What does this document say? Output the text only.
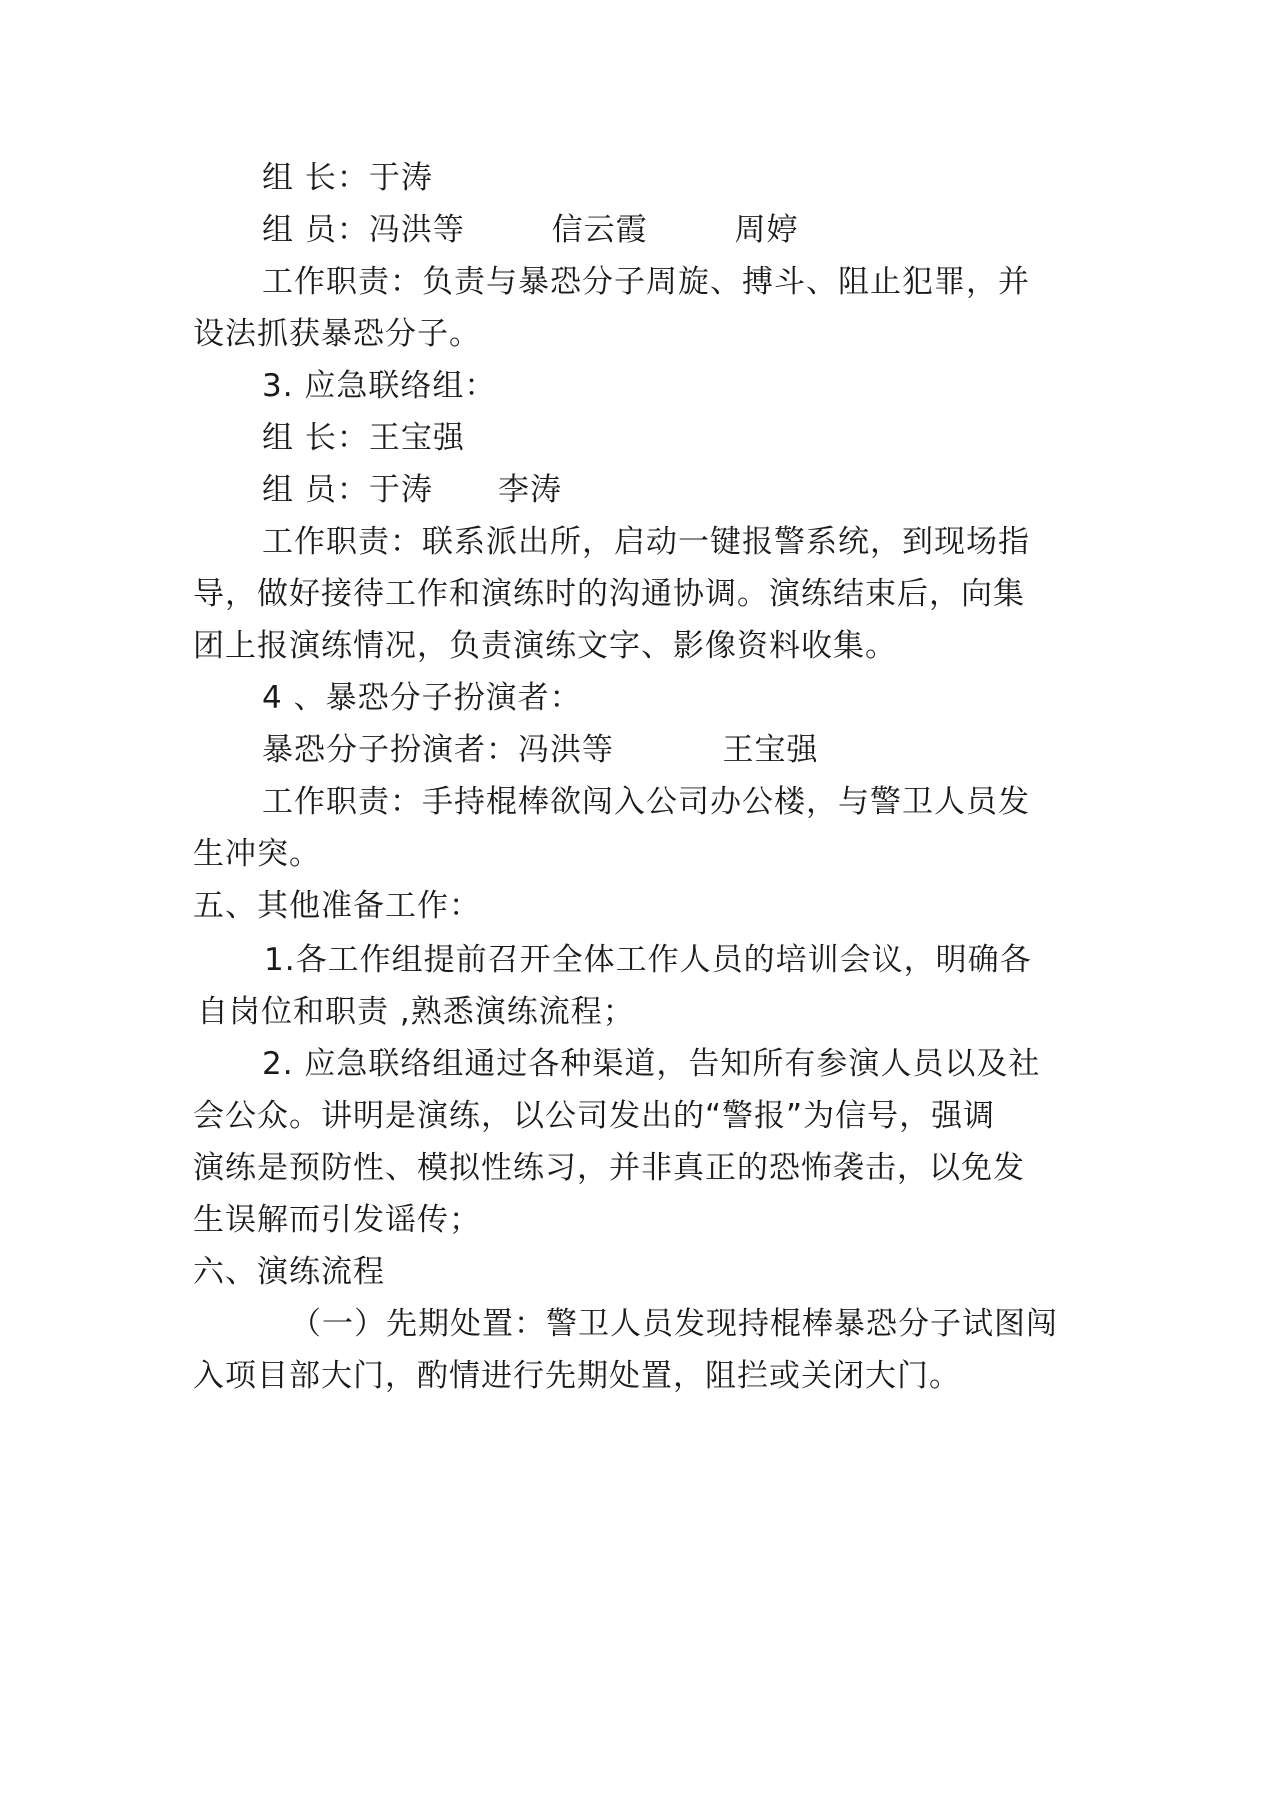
组 长：于涛
组 员：冯洪等        信云霞        周婷
工作职责：负责与暴恐分子周旋、搏斗、阻止犯罪，并
设法抓获暴恐分子。
3. 应急联络组：
组 长：王宝强
组 员：于涛      李涛
工作职责：联系派出所，启动一键报警系统，到现场指
导，做好接待工作和演练时的沟通协调。演练结束后，向集
团上报演练情况，负责演练文字、影像资料收集。
4 、暴恐分子扮演者：
暴恐分子扮演者：冯洪等          王宝强
工作职责：手持棍棒欲闯入公司办公楼，与警卫人员发
生冲突。
五、其他准备工作：
1.各工作组提前召开全体工作人员的培训会议，明确各
自岗位和职责 ,熟悉演练流程；
2. 应急联络组通过各种渠道，告知所有参演人员以及社
会公众。讲明是演练，以公司发出的“警报”为信号，强调
演练是预防性、模拟性练习，并非真正的恐怖袭击，以免发
生误解而引发谣传；
六、演练流程
（一）先期处置：警卫人员发现持棍棒暴恐分子试图闯
入项目部大门，酌情进行先期处置，阻拦或关闭大门。
